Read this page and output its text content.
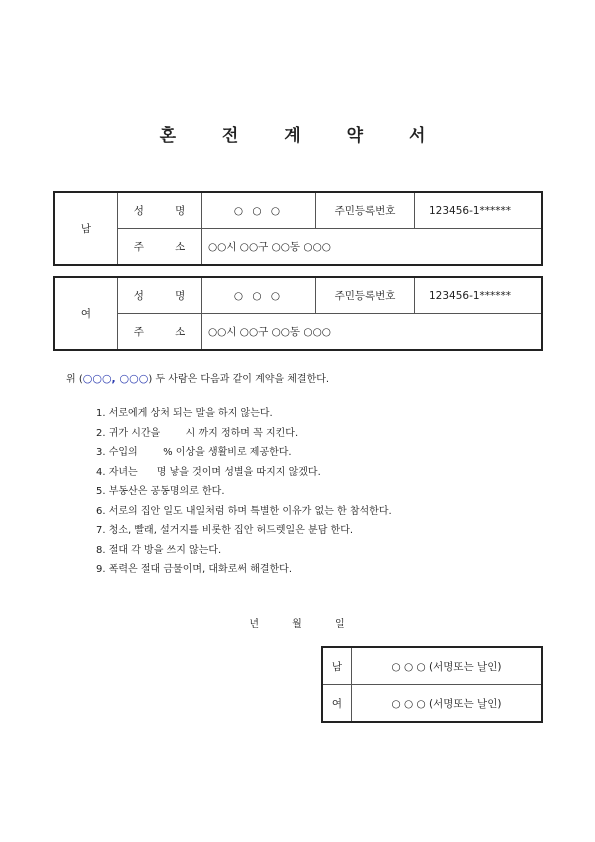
혼 전 계 약 서
남	성 명	○ ○ ○	주민등록번호	123456-1******
	주 소	○○시 ○○구 ○○동 ○○○		
여	성 명	○ ○ ○	주민등록번호	123456-1******
	주 소	○○시 ○○구 ○○동 ○○○		
위 (○○○, ○○○) 두 사람은 다음과 같이 계약을 체결한다.
1. 서로에게 상처 되는 말을 하지 않는다.
2. 귀가 시간을        시 까지 정하며 꼭 지킨다.
3. 수입의        % 이상을 생활비로 제공한다.
4. 자녀는      명 낳을 것이며 성별을 따지지 않겠다.
5. 부동산은 공동명의로 한다.
6. 서로의 집안 일도 내일처럼 하며 특별한 이유가 없는 한 참석한다.
7. 청소, 빨래, 설거지를 비롯한 집안 허드렛일은 분담 한다.
8. 절대 각 방을 쓰지 않는다.
9. 폭력은 절대 금물이며, 대화로써 해결한다.
년 월 일
남	○ ○ ○ (서명또는 날인)
여	○ ○ ○ (서명또는 날인)
